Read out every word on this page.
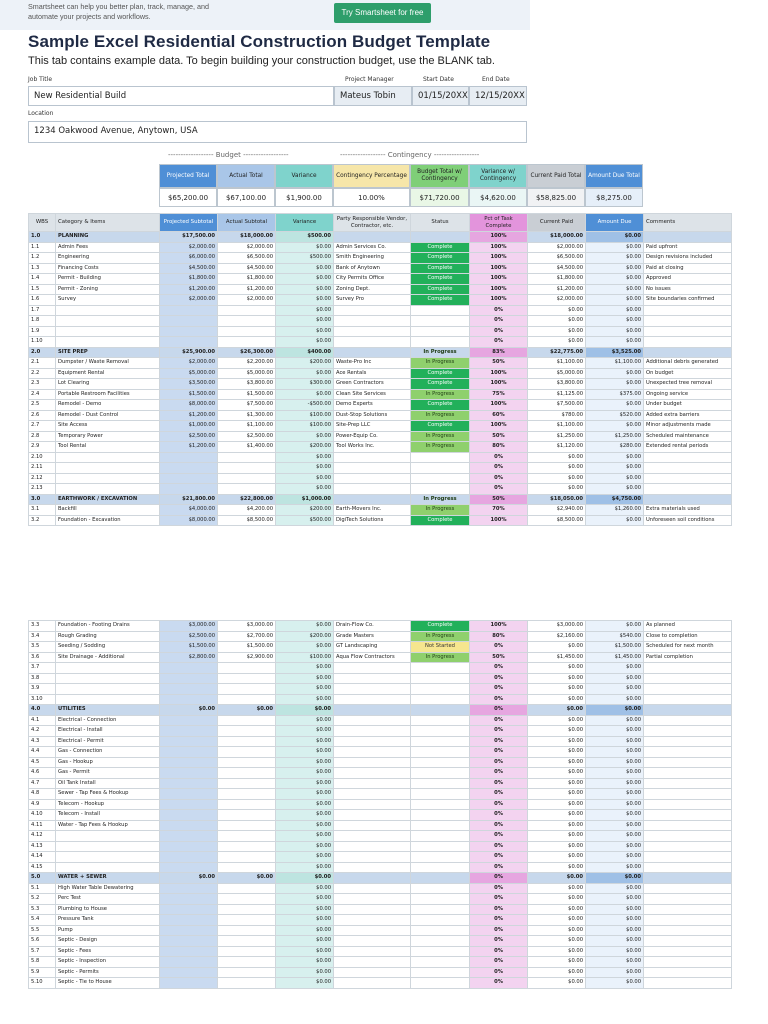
Smartsheet can help you better plan, track, manage, and automate your projects and workflows.	Try Smartsheet for free
Sample Excel Residential Construction Budget Template
This tab contains example data. To begin building your construction budget, use the BLANK tab.
Job Title
New Residential Build
Project Manager
Mateus Tobin
Start Date
01/15/20XX
End Date
12/15/20XX
Location
1234 Oakwood Avenue, Anytown, USA
------------------ Budget ------------------	------------------ Contingency ------------------
Projected Total
$65,200.00
Actual Total
$67,100.00
Variance
$1,900.00
Contingency Percentage
10.00%
Budget Total w/ Contingency
$71,720.00
Variance w/ Contingency
$4,620.00
Current Paid Total
$58,825.00
Amount Due Total
$8,275.00
WBS	Category & Items	Projected Subtotal	Actual Subtotal	Variance	Party Responsible Vendor, Contractor, etc.	Status	Pct of Task Complete	Current Paid	Amount Due	Comments
1.0	PLANNING	$17,500.00	$18,000.00	$500.00			100%	$18,000.00	$0.00	
1.1	Admin Fees	$2,000.00	$2,000.00	$0.00	Admin Services Co.	Complete	100%	$2,000.00	$0.00	Paid upfront
1.2	Engineering	$6,000.00	$6,500.00	$500.00	Smith Engineering	Complete	100%	$6,500.00	$0.00	Design revisions included
1.3	Financing Costs	$4,500.00	$4,500.00	$0.00	Bank of Anytown	Complete	100%	$4,500.00	$0.00	Paid at closing
1.4	Permit - Building	$1,800.00	$1,800.00	$0.00	City Permits Office	Complete	100%	$1,800.00	$0.00	Approved
1.5	Permit - Zoning	$1,200.00	$1,200.00	$0.00	Zoning Dept.	Complete	100%	$1,200.00	$0.00	No issues
1.6	Survey	$2,000.00	$2,000.00	$0.00	Survey Pro	Complete	100%	$2,000.00	$0.00	Site boundaries confirmed
1.7				$0.00			0%	$0.00	$0.00	
1.8				$0.00			0%	$0.00	$0.00	
1.9				$0.00			0%	$0.00	$0.00	
1.10				$0.00			0%	$0.00	$0.00	
2.0	SITE PREP	$25,900.00	$26,300.00	$400.00		In Progress	83%	$22,775.00	$3,525.00	
2.1	Dumpster / Waste Removal	$2,000.00	$2,200.00	$200.00	Waste-Pro Inc	In Progress	50%	$1,100.00	$1,100.00	Additional debris generated
2.2	Equipment Rental	$5,000.00	$5,000.00	$0.00	Ace Rentals	Complete	100%	$5,000.00	$0.00	On budget
2.3	Lot Clearing	$3,500.00	$3,800.00	$300.00	Green Contractors	Complete	100%	$3,800.00	$0.00	Unexpected tree removal
2.4	Portable Restroom Facilities	$1,500.00	$1,500.00	$0.00	Clean Site Services	In Progress	75%	$1,125.00	$375.00	Ongoing service
2.5	Remodel - Demo	$8,000.00	$7,500.00	-$500.00	Demo Experts	Complete	100%	$7,500.00	$0.00	Under budget
2.6	Remodel - Dust Control	$1,200.00	$1,300.00	$100.00	Dust-Stop Solutions	In Progress	60%	$780.00	$520.00	Added extra barriers
2.7	Site Access	$1,000.00	$1,100.00	$100.00	Site-Prep LLC	Complete	100%	$1,100.00	$0.00	Minor adjustments made
2.8	Temporary Power	$2,500.00	$2,500.00	$0.00	Power-Equip Co.	In Progress	50%	$1,250.00	$1,250.00	Scheduled maintenance
2.9	Tool Rental	$1,200.00	$1,400.00	$200.00	Tool Works Inc.	In Progress	80%	$1,120.00	$280.00	Extended rental periods
2.10				$0.00			0%	$0.00	$0.00	
2.11				$0.00			0%	$0.00	$0.00	
2.12				$0.00			0%	$0.00	$0.00	
2.13				$0.00			0%	$0.00	$0.00	
3.0	EARTHWORK / EXCAVATION	$21,800.00	$22,800.00	$1,000.00		In Progress	50%	$18,050.00	$4,750.00	
3.1	Backfill	$4,000.00	$4,200.00	$200.00	Earth-Movers Inc.	In Progress	70%	$2,940.00	$1,260.00	Extra materials used
3.2	Foundation - Excavation	$8,000.00	$8,500.00	$500.00	DigiTech Solutions	Complete	100%	$8,500.00	$0.00	Unforeseen soil conditions
3.3	Foundation - Footing Drains	$3,000.00	$3,000.00	$0.00	Drain-Flow Co.	Complete	100%	$3,000.00	$0.00	As planned
3.4	Rough Grading	$2,500.00	$2,700.00	$200.00	Grade Masters	In Progress	80%	$2,160.00	$540.00	Close to completion
3.5	Seeding / Sodding	$1,500.00	$1,500.00	$0.00	GT Landscaping	Not Started	0%	$0.00	$1,500.00	Scheduled for next month
3.6	Site Drainage - Additional	$2,800.00	$2,900.00	$100.00	Aqua Flow Contractors	In Progress	50%	$1,450.00	$1,450.00	Partial completion
3.7				$0.00			0%	$0.00	$0.00	
3.8				$0.00			0%	$0.00	$0.00	
3.9				$0.00			0%	$0.00	$0.00	
3.10				$0.00			0%	$0.00	$0.00	
4.0	UTILITIES	$0.00	$0.00	$0.00			0%	$0.00	$0.00	
4.1	Electrical - Connection			$0.00			0%	$0.00	$0.00	
4.2	Electrical - Install			$0.00			0%	$0.00	$0.00	
4.3	Electrical - Permit			$0.00			0%	$0.00	$0.00	
4.4	Gas - Connection			$0.00			0%	$0.00	$0.00	
4.5	Gas - Hookup			$0.00			0%	$0.00	$0.00	
4.6	Gas - Permit			$0.00			0%	$0.00	$0.00	
4.7	Oil Tank Install			$0.00			0%	$0.00	$0.00	
4.8	Sewer - Tap Fees & Hookup			$0.00			0%	$0.00	$0.00	
4.9	Telecom - Hookup			$0.00			0%	$0.00	$0.00	
4.10	Telecom - Install			$0.00			0%	$0.00	$0.00	
4.11	Water - Tap Fees & Hookup			$0.00			0%	$0.00	$0.00	
4.12				$0.00			0%	$0.00	$0.00	
4.13				$0.00			0%	$0.00	$0.00	
4.14				$0.00			0%	$0.00	$0.00	
4.15				$0.00			0%	$0.00	$0.00	
5.0	WATER + SEWER	$0.00	$0.00	$0.00			0%	$0.00	$0.00	
5.1	High Water Table Dewatering			$0.00			0%	$0.00	$0.00	
5.2	Perc Test			$0.00			0%	$0.00	$0.00	
5.3	Plumbing to House			$0.00			0%	$0.00	$0.00	
5.4	Pressure Tank			$0.00			0%	$0.00	$0.00	
5.5	Pump			$0.00			0%	$0.00	$0.00	
5.6	Septic - Design			$0.00			0%	$0.00	$0.00	
5.7	Septic - Fees			$0.00			0%	$0.00	$0.00	
5.8	Septic - Inspection			$0.00			0%	$0.00	$0.00	
5.9	Septic - Permits			$0.00			0%	$0.00	$0.00	
5.10	Septic - Tie to House			$0.00			0%	$0.00	$0.00	
